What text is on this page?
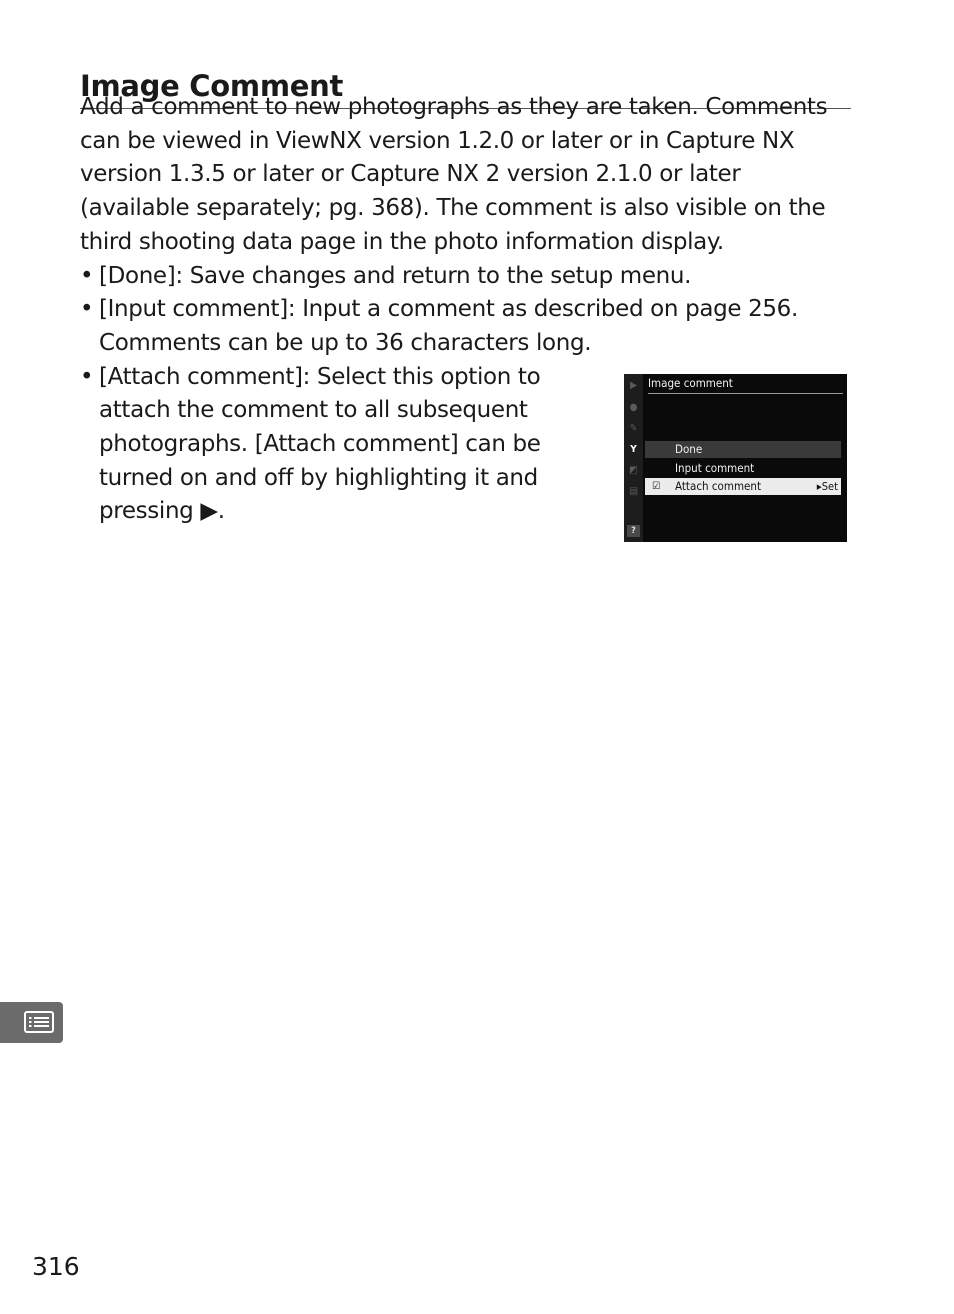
Image Comment

Add a comment to new photographs as they are taken. Comments can be viewed in ViewNX version 1.2.0 or later or in Capture NX version 1.3.5 or later or Capture NX 2 version 2.1.0 or later (available separately; pg. 368). The comment is also visible on the third shooting data page in the photo information display.

• [Done]: Save changes and return to the setup menu.
• [Input comment]: Input a comment as described on page 256. Comments can be up to 36 characters long.
• [Attach comment]: Select this option to attach the comment to all subsequent photographs. [Attach comment] can be turned on and off by highlighting it and pressing ▶.
▶
●
✎
Y
◩
▤
?
Image comment
Done
Input comment
☑ Attach comment	▸Set
316
